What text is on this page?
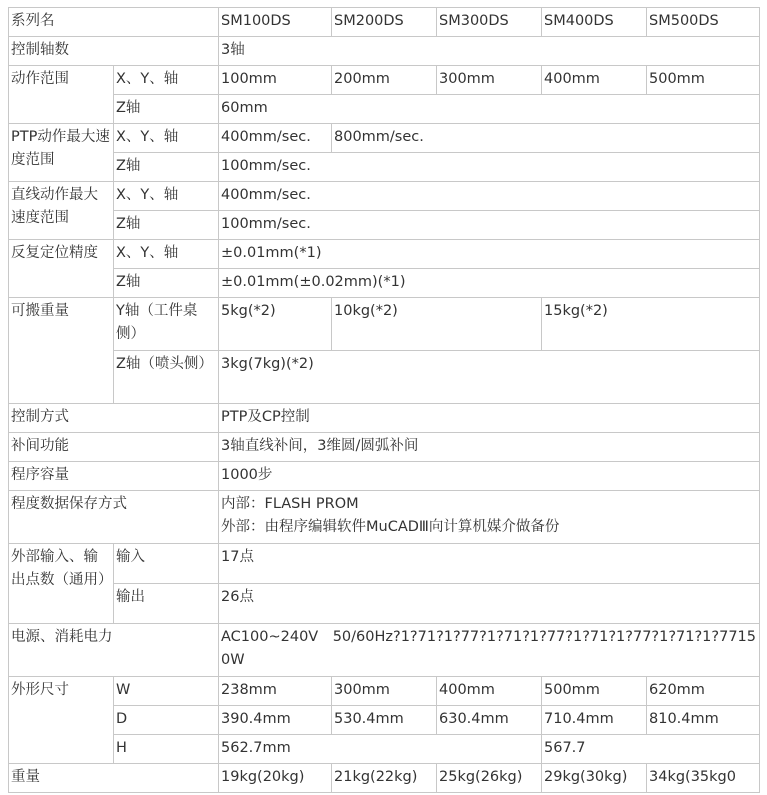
系列名		SM100DS	SM200DS	SM300DS	SM400DS	SM500DS
控制轴数		3轴				
动作范围	X、Y、轴	100mm	200mm	300mm	400mm	500mm
	Z轴	60mm				
PTP动作最大速度范围	X、Y、轴	400mm/sec.	800mm/sec.			
	Z轴	100mm/sec.				
直线动作最大速度范围	X、Y、轴	400mm/sec.				
	Z轴	100mm/sec.				
反复定位精度	X、Y、轴	±0.01mm(*1)				
	Z轴	±0.01mm(±0.02mm)(*1)				
可搬重量	Y轴（工件桌侧）	5kg(*2)	10kg(*2)		15kg(*2)	
	Z轴（喷头侧）	3kg(7kg)(*2)				
控制方式		PTP及CP控制				
补间功能		3轴直线补间，3维圆/圆弧补间				
程序容量		1000步				
程度数据保存方式		内部：FLASH PROM
外部：由程序编辑软件MuCADⅢ向计算机媒介做备份				

外部输入、输出点数（通用）	输入	17点				
	输出	26点				
电源、消耗电力		AC100~240V　50/60Hz?1?71?1?77?1?71?1?77?1?71?1?77?1?71?1?77150W				
外形尺寸	W	238mm	300mm	400mm	500mm	620mm
	D	390.4mm	530.4mm	630.4mm	710.4mm	810.4mm
	H	562.7mm			567.7	
重量		19kg(20kg)	21kg(22kg)	25kg(26kg)	29kg(30kg)	34kg(35kg0
